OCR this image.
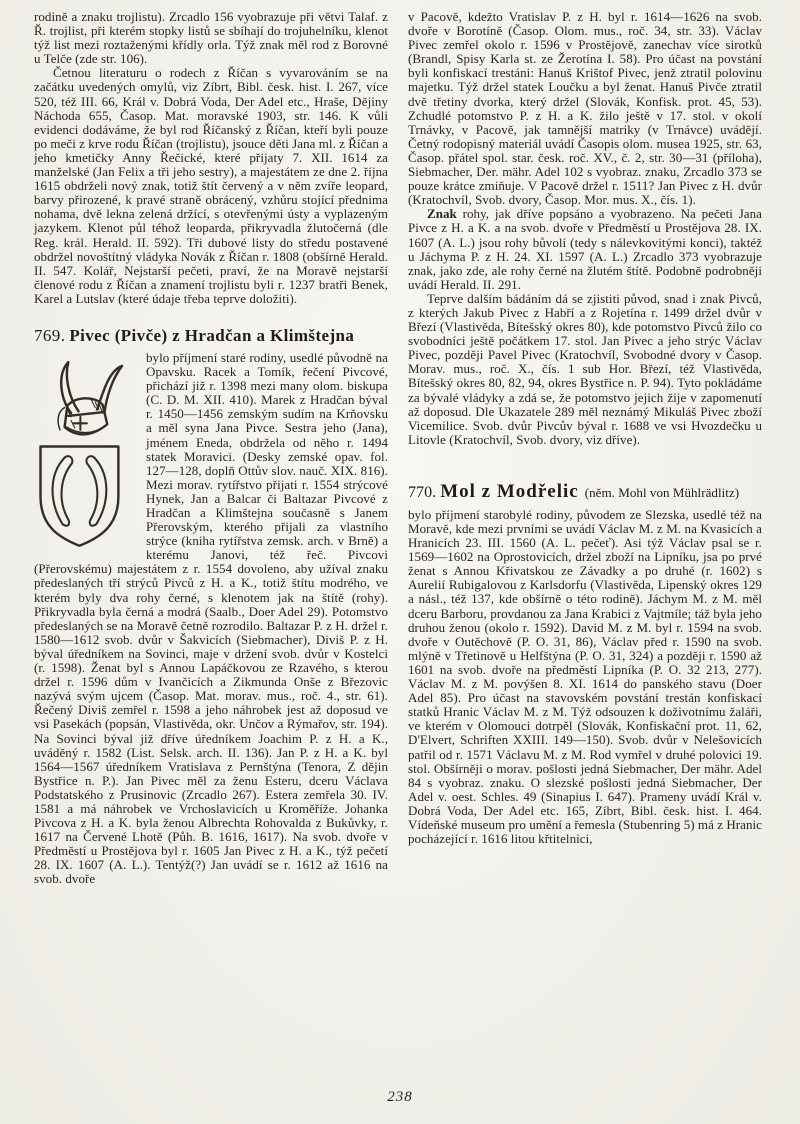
rodině a znaku trojlistu). Zrcadlo 156 vyobrazuje při větvi Talaf. z Ř. trojlist, při kterém stopky listů se sbíhají do trojuhelníku, klenot týž list mezi roztaženými křídly orla. Týž znak měl rod z Borovné u Telče (zde str. 106).

Četnou literaturu o rodech z Říčan s vyvarováním se na začátku uvedených omylů, viz Zíbrt, Bibl. česk. hist. I. 267, více 520, též III. 66, Král v. Dobrá Voda, Der Adel etc., Hraše, Dějiny Náchoda 655, Časop. Mat. moravské 1903, str. 146. K vůli evidenci dodáváme, že byl rod Říčanský z Říčan, kteří byli pouze po meči z krve rodu Říčan (trojlistu), jsouce děti Jana ml. z Říčan a jeho kmetičky Anny Řečické, které přijaty 7. XII. 1614 za manželské (Jan Felix a tři jeho sestry), a majestátem ze dne 2. října 1615 obdrželi nový znak, totiž štít červený a v něm zvíře leopard, barvy přirozené, k pravé straně obrácený, vzhůru stojící přednima nohama, dvě lekna zelená držící, s otevřenými ústy a vyplazeným jazykem. Klenot půl téhož leoparda, přikryvadla žlutočerná (dle Reg. král. Herald. II. 592). Tři dubové listy do středu postavené obdržel novoštítný vládyka Novák z Říčan r. 1808 (obšírně Herald. II. 547. Kolář, Nejstarší pečeti, praví, že na Moravě nejstarší členové rodu z Říčan a znamení trojlistu byli r. 1237 bratři Benek, Karel a Lutslav (které údaje třeba teprve doložiti).

769. Pivec (Pivče) z Hradčan a Klimštejna

bylo příjmení staré rodiny, usedlé původně na Opavsku. Racek a Tomík, řečení Pivcové, přichází již r. 1398 mezi many olom. biskupa (C. D. M. XII. 410). Marek z Hradčan býval r. 1450—1456 zemským sudím na Krňovsku a měl syna Jana Pivce. Sestra jeho (Jana), jménem Eneda, obdržela od něho r. 1494 statek Moravici. (Desky zemské opav. fol. 127—128, doplň Ottův slov. nauč. XIX. 816). Mezi morav. rytířstvo přijati r. 1554 strýcové Hynek, Jan a Balcar či Baltazar Pivcové z Hradčan a Klimštejna současně s Janem Přerovským, kterého přijali za vlastního strýce (kniha rytířstva zemsk. arch. v Brně) a kterému Janovi, též řeč. Pivcovi (Přerovskému) majestátem z r. 1554 dovoleno, aby užíval znaku předeslaných tří strýců Pivců z H. a K., totiž štítu modrého, ve kterém byly dva rohy černé, s klenotem jak na štítě (rohy). Přikryvadla byla černá a modrá (Saalb., Doer Adel 29). Potomstvo předeslaných se na Moravě četně rozrodilo. Baltazar P. z H. držel r. 1580—1612 svob. dvůr v Šakvicích (Siebmacher), Diviš P. z H. býval úředníkem na Sovinci, maje v držení svob. dvůr v Kostelci (r. 1598). Ženat byl s Annou Lapáčkovou ze Rzavého, s kterou držel r. 1596 dům v Ivančicích a Zikmunda Onše z Březovic nazývá svým ujcem (Časop. Mat. morav. mus., roč. 4., str. 61). Řečený Diviš zemřel r. 1598 a jeho náhrobek jest až doposud ve vsi Pasekách (popsán, Vlastivěda, okr. Unčov a Rýmařov, str. 194). Na Sovinci býval již dříve úředníkem Joachim P. z H. a K., uváděný r. 1582 (List. Selsk. arch. II. 136). Jan P. z H. a K. byl 1564—1567 úředníkem Vratislava z Pernštýna (Tenora, Z dějin Bystřice n. P.). Jan Pivec měl za ženu Esteru, dceru Václava Podstatského z Prusinovic (Zrcadlo 267). Estera zemřela 30. IV. 1581 a má náhrobek ve Vrchoslavicích u Kroměříže. Johanka Pivcova z H. a K. byla ženou Albrechta Rohovalda z Bukůvky, r. 1617 na Červené Lhotě (Půh. B. 1616, 1617). Na svob. dvoře v Předměstí u Prostějova byl r. 1605 Jan Pivec z H. a K., týž pečetí 28. IX. 1607 (A. L.). Tentýž(?) Jan uvádí se r. 1612 až 1616 na svob. dvoře

v Pacově, kdežto Vratislav P. z H. byl r. 1614—1626 na svob. dvoře v Borotíně (Časop. Olom. mus., roč. 34, str. 33). Václav Pivec zemřel okolo r. 1596 v Prostějově, zanechav více sirotků (Brandl, Spisy Karla st. ze Žerotína I. 58). Pro účast na povstání byli konfiskací trestáni: Hanuš Krištof Pivec, jenž ztratil polovinu majetku. Týž držel statek Loučku a byl ženat. Hanuš Pivče ztratil dvě třetiny dvorka, který držel (Slovák, Konfisk. prot. 45, 53). Zchudlé potomstvo P. z H. a K. žilo ještě v 17. stol. v okolí Trnávky, v Pacově, jak tamnější matriky (v Trnávce) uvádějí. Četný rodopisný materiál uvádí Časopis olom. musea 1925, str. 63, Časop. přátel spol. star. česk. roč. XV., č. 2, str. 30—31 (příloha), Siebmacher, Der. mähr. Adel 102 s vyobraz. znaku, Zrcadlo 373 se pouze krátce zmiňuje. V Pacově držel r. 1511? Jan Pivec z H. dvůr (Kratochvíl, Svob. dvory, Časop. Mor. mus. X., čís. 1).

Znak rohy, jak dříve popsáno a vyobrazeno. Na pečeti Jana Pivce z H. a K. a na svob. dvoře v Předměstí u Prostějova 28. IX. 1607 (A. L.) jsou rohy bůvolí (tedy s nálevkovitými konci), taktéž u Jáchyma P. z H. 24. XI. 1597 (A. L.) Zrcadlo 373 vyobrazuje znak, jako zde, ale rohy černé na žlutém štítě. Podobně podrobněji uvádí Herald. II. 291.

Teprve dalším bádáním dá se zjistiti původ, snad i znak Pivců, z kterých Jakub Pivec z Habří a z Rojetína r. 1499 držel dvůr v Březí (Vlastivěda, Bítešský okres 80), kde potomstvo Pivců žilo co svobodníci ještě počátkem 17. stol. Jan Pivec a jeho strýc Václav Pivec, později Pavel Pivec (Kratochvíl, Svobodné dvory v Časop. Morav. mus., roč. X., čís. 1 sub Hor. Březí, též Vlastivěda, Bítešský okres 80, 82, 94, okres Bystřice n. P. 94). Tyto pokládáme za bývalé vládyky a zdá se, že potomstvo jejich žije v zapomenutí až doposud. Dle Ukazatele 289 měl neznámý Mikuláš Pivec zboží Vicemilice. Svob. dvůr Pivcův býval r. 1688 ve vsi Hvozdečku u Litovle (Kratochvíl, Svob. dvory, viz dříve).

770. Mol z Modřelic (něm. Mohl von Mühlrädlitz)

bylo příjmení starobylé rodiny, původem ze Slezska, usedlé též na Moravě, kde mezi prvními se uvádí Václav M. z M. na Kvasicích a Hranicích 23. III. 1560 (A. L. pečeť). Asi týž Václav psal se r. 1569—1602 na Oprostovicích, držel zboží na Lipníku, jsa po prvé ženat s Annou Křivatskou ze Závadky a po druhé (r. 1602) s Aurelií Rubigalovou z Karlsdorfu (Vlastivěda, Lipenský okres 129 a násl., též 137, kde obšírně o této rodině). Jáchym M. z M. měl dceru Barboru, provdanou za Jana Krabici z Vajtmíle; táž byla jeho druhou ženou (okolo r. 1592). David M. z M. byl r. 1594 na svob. dvoře v Outěchově (P. O. 31, 86), Václav před r. 1590 na svob. mlýně v Třetinově u Helfštýna (P. O. 31, 324) a později r. 1590 až 1601 na svob. dvoře na předměstí Lipníka (P. O. 32 213, 277). Václav M. z M. povýšen 8. XI. 1614 do panského stavu (Doer Adel 85). Pro účast na stavovském povstání trestán konfiskací statků Hranic Václav M. z M. Týž odsouzen k doživotnímu žaláři, ve kterém v Olomouci dotrpěl (Slovák, Konfiskační prot. 11, 62, D'Elvert, Schriften XXIII. 149—150). Svob. dvůr v Nelešovicích patřil od r. 1571 Václavu M. z M. Rod vymřel v druhé polovici 19. stol. Obšírněji o morav. pošlosti jedná Siebmacher, Der mähr. Adel 84 s vyobraz. znaku. O slezské pošlosti jedná Siebmacher, Der Adel v. oest. Schles. 49 (Sinapius I. 647). Prameny uvádí Král v. Dobrá Voda, Der Adel etc. 165, Zíbrt, Bibl. česk. hist. I. 464. Vídeňské museum pro umění a řemesla (Stubenring 5) má z Hranic pocházející r. 1616 litou křtitelnici,

238
